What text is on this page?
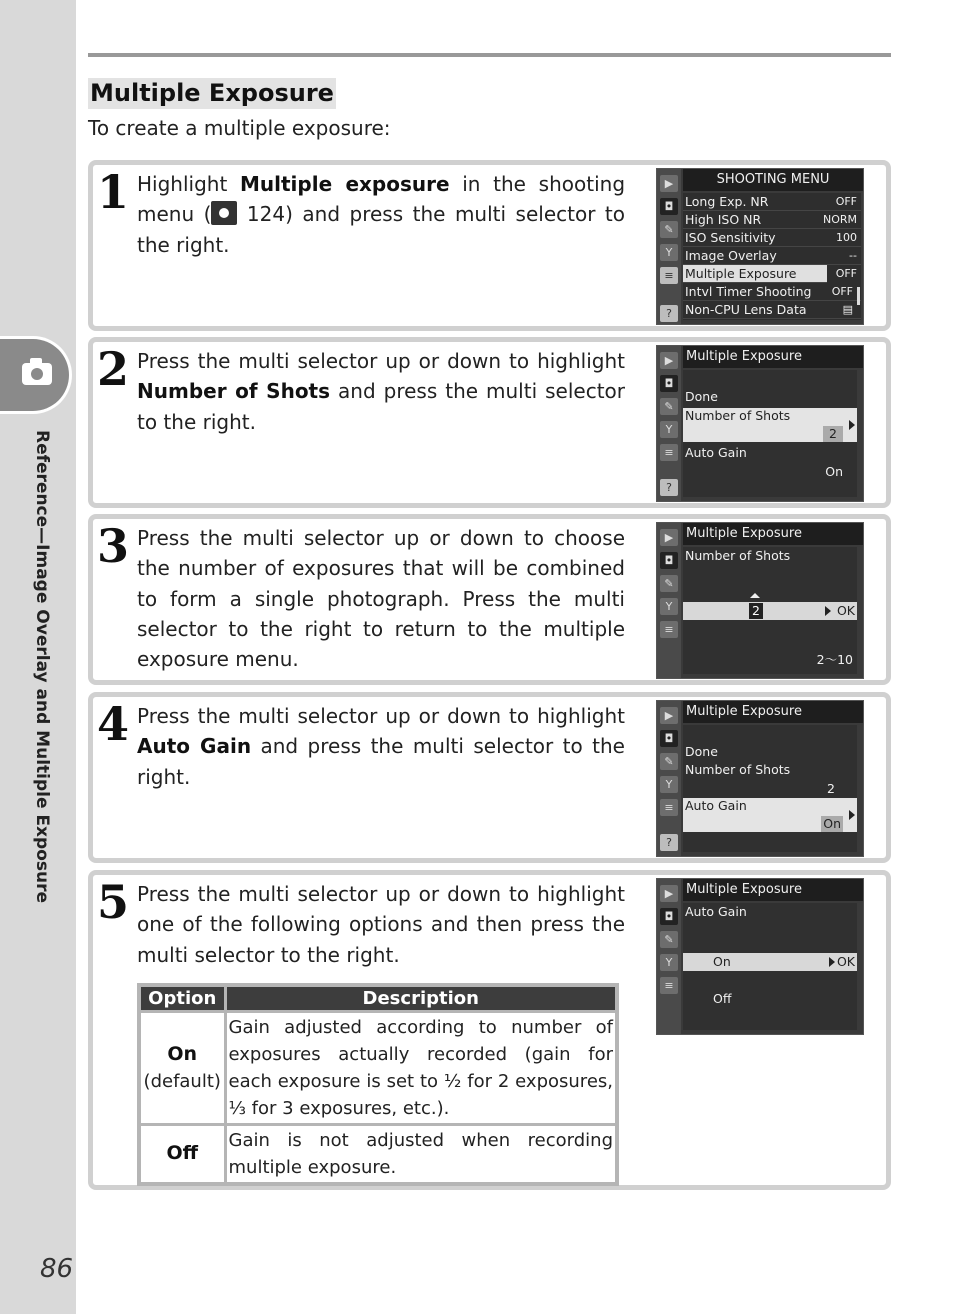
Reference—Image Overlay and Multiple Exposure
86
Multiple Exposure
To create a multiple exposure:
1 Highlight Multiple exposure in the shooting menu ( 124) and press the multi selector to the right.
▶
◘
✎
Y
≡
?
SHOOTING MENU
Long Exp. NR	OFF
High ISO NR	NORM
ISO Sensitivity	100
Image Overlay	--
Multiple Exposure	OFF
Intvl Timer Shooting OFF
Non-CPU Lens Data	▤
2 Press the multi selector up or down to highlight Number of Shots and press the multi selector to the right.
▶
◘
✎
Y
≡
?
Multiple Exposure
Done
Number of Shots
2
Auto Gain
On
3 Press the multi selector up or down to choose the number of exposures that will be combined to form a single photograph. Press the multi selector to the right to return to the multiple exposure menu.
▶
◘
✎
Y
≡
Multiple Exposure
Number of Shots
2	OK
2～10
4 Press the multi selector up or down to highlight Auto Gain and press the multi selector to the right.
▶
◘
✎
Y
≡
?
Multiple Exposure
Done
Number of Shots
2
Auto Gain
On
5 Press the multi selector up or down to highlight one of the following options and then press the multi selector to the right.
▶
◘
✎
Y
≡
Multiple Exposure
Auto Gain
On	OK
Off
Option	Description
On
(default)	Gain adjusted according to number of exposures actually recorded (gain for each exposure is set to ½ for 2 exposures, ⅓ for 3 exposures, etc.).
Off	Gain is not adjusted when recording multiple exposure.
